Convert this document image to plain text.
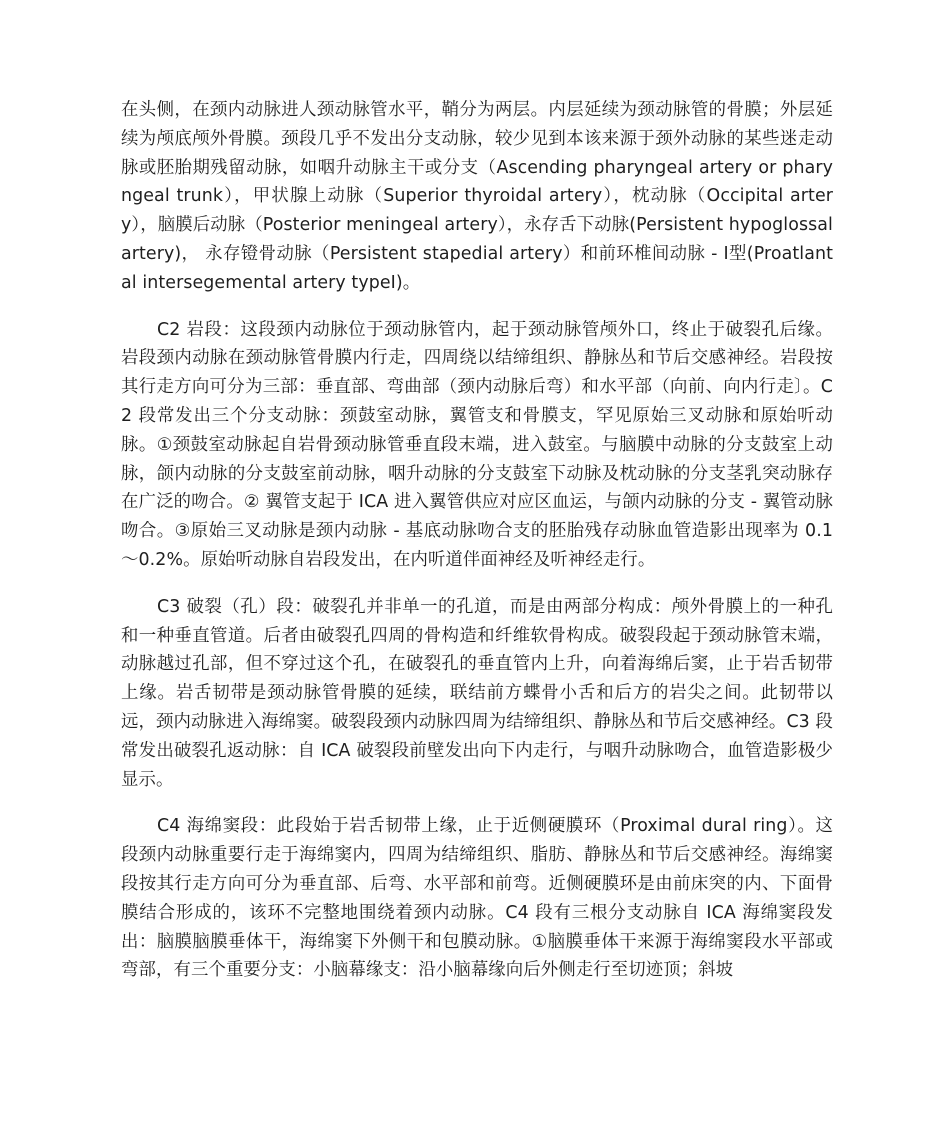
在头侧，在颈内动脉进人颈动脉管水平，鞘分为两层。内层延续为颈动脉管的骨膜；外层延续为颅底颅外骨膜。颈段几乎不发出分支动脉，较少见到本该来源于颈外动脉的某些迷走动脉或胚胎期残留动脉，如咽升动脉主干或分支（Ascending pharyngeal artery or pharyngeal trunk），甲状腺上动脉（Superior thyroidal artery），枕动脉（Occipital artery），脑膜后动脉（Posterior meningeal artery），永存舌下动脉(Persistent hypoglossal artery)， 永存镫骨动脉（Persistent stapedial artery）和前环椎间动脉 - Ⅰ型(Proatlantal intersegemental artery typeⅠ)。

C2 岩段：这段颈内动脉位于颈动脉管内，起于颈动脉管颅外口，终止于破裂孔后缘。岩段颈内动脉在颈动脉管骨膜内行走，四周绕以结缔组织、静脉丛和节后交感神经。岩段按其行走方向可分为三部：垂直部、弯曲部（颈内动脉后弯）和水平部（向前、向内行走〕。C2 段常发出三个分支动脉：颈鼓室动脉，翼管支和骨膜支，罕见原始三叉动脉和原始听动脉。①颈鼓室动脉起自岩骨颈动脉管垂直段末端，进入鼓室。与脑膜中动脉的分支鼓室上动脉，颌内动脉的分支鼓室前动脉，咽升动脉的分支鼓室下动脉及枕动脉的分支茎乳突动脉存在广泛的吻合。② 翼管支起于 ICA 进入翼管供应对应区血运，与颌内动脉的分支 - 翼管动脉吻合。③原始三叉动脉是颈内动脉 - 基底动脉吻合支的胚胎残存动脉血管造影出现率为 0.1～0.2%。原始听动脉自岩段发出，在内听道伴面神经及听神经走行。

C3 破裂（孔）段：破裂孔并非单一的孔道，而是由两部分构成：颅外骨膜上的一种孔和一种垂直管道。后者由破裂孔四周的骨构造和纤维软骨构成。破裂段起于颈动脉管末端，动脉越过孔部，但不穿过这个孔，在破裂孔的垂直管内上升，向着海绵后窦，止于岩舌韧带上缘。岩舌韧带是颈动脉管骨膜的延续，联结前方蝶骨小舌和后方的岩尖之间。此韧带以远，颈内动脉进入海绵窦。破裂段颈内动脉四周为结缔组织、静脉丛和节后交感神经。C3 段常发出破裂孔返动脉：自 ICA 破裂段前壁发出向下内走行，与咽升动脉吻合，血管造影极少显示。

C4 海绵窦段：此段始于岩舌韧带上缘，止于近侧硬膜环（Proximal dural ring）。这段颈内动脉重要行走于海绵窦内，四周为结缔组织、脂肪、静脉丛和节后交感神经。海绵窦段按其行走方向可分为垂直部、后弯、水平部和前弯。近侧硬膜环是由前床突的内、下面骨膜结合形成的，该环不完整地围绕着颈内动脉。C4 段有三根分支动脉自 ICA 海绵窦段发出：脑膜脑膜垂体干，海绵窦下外侧干和包膜动脉。①脑膜垂体干来源于海绵窦段水平部或弯部，有三个重要分支：小脑幕缘支：沿小脑幕缘向后外侧走行至切迹顶；斜坡
